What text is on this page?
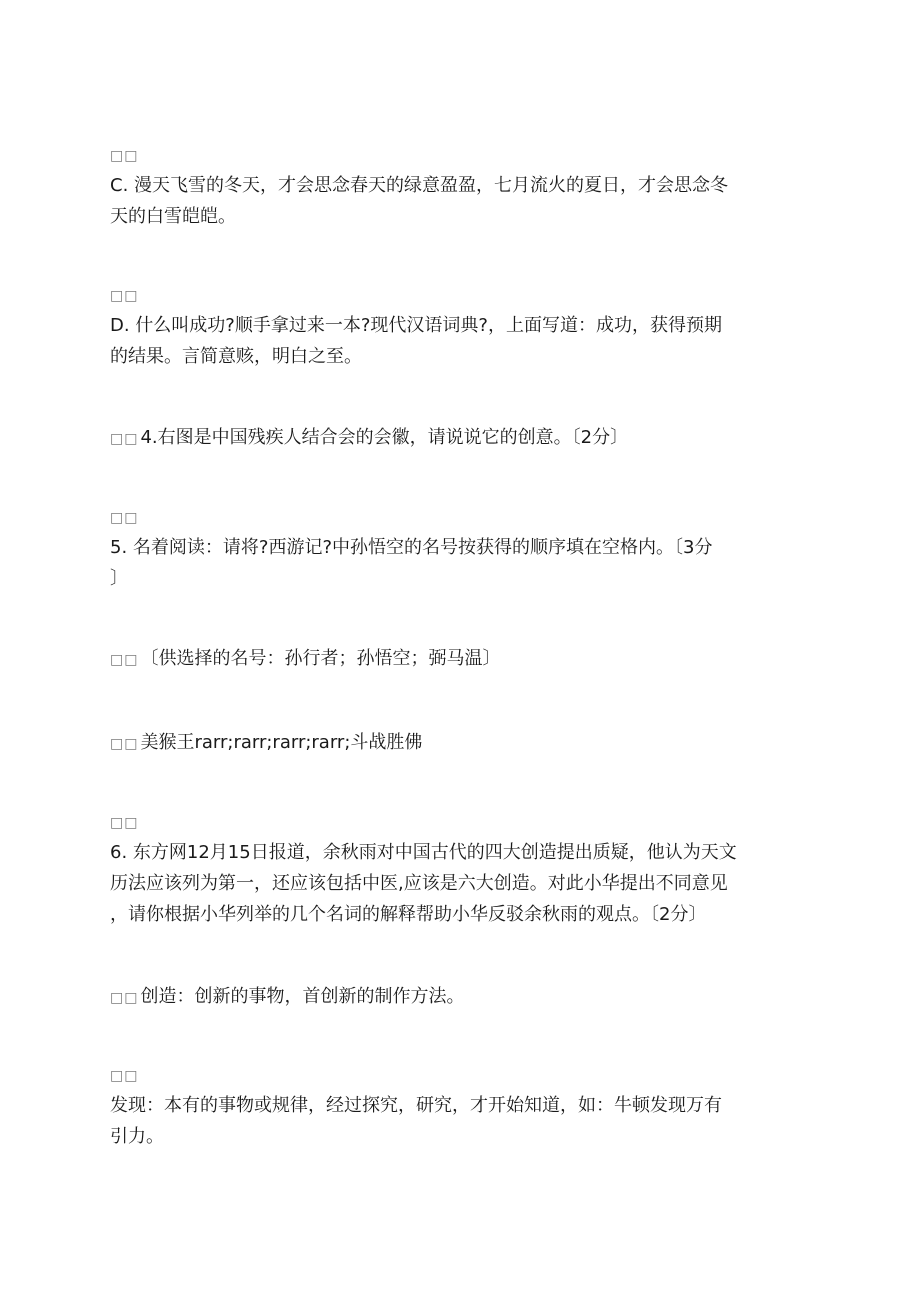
□□

C. 漫天飞雪的冬天，才会思念春天的绿意盈盈，七月流火的夏日，才会思念冬

天的白雪皑皑。

□□

D. 什么叫成功?顺手拿过来一本?现代汉语词典?，上面写道：成功，获得预期

的结果。言简意赅，明白之至。

□□ 4.右图是中国残疾人结合会的会徽，请说说它的创意。〔2分〕

□□

5. 名着阅读：请将?西游记?中孙悟空的名号按获得的顺序填在空格内。〔3分

〕

□□ 〔供选择的名号：孙行者；孙悟空；弼马温〕

□□ 美猴王rarr;rarr;rarr;rarr;斗战胜佛

□□

6. 东方网12月15日报道，余秋雨对中国古代的四大创造提出质疑，他认为天文

历法应该列为第一，还应该包括中医,应该是六大创造。对此小华提出不同意见

，请你根据小华列举的几个名词的解释帮助小华反驳余秋雨的观点。〔2分〕

□□ 创造：创新的事物，首创新的制作方法。

□□

发现：本有的事物或规律，经过探究，研究，才开始知道，如：牛顿发现万有

引力。
